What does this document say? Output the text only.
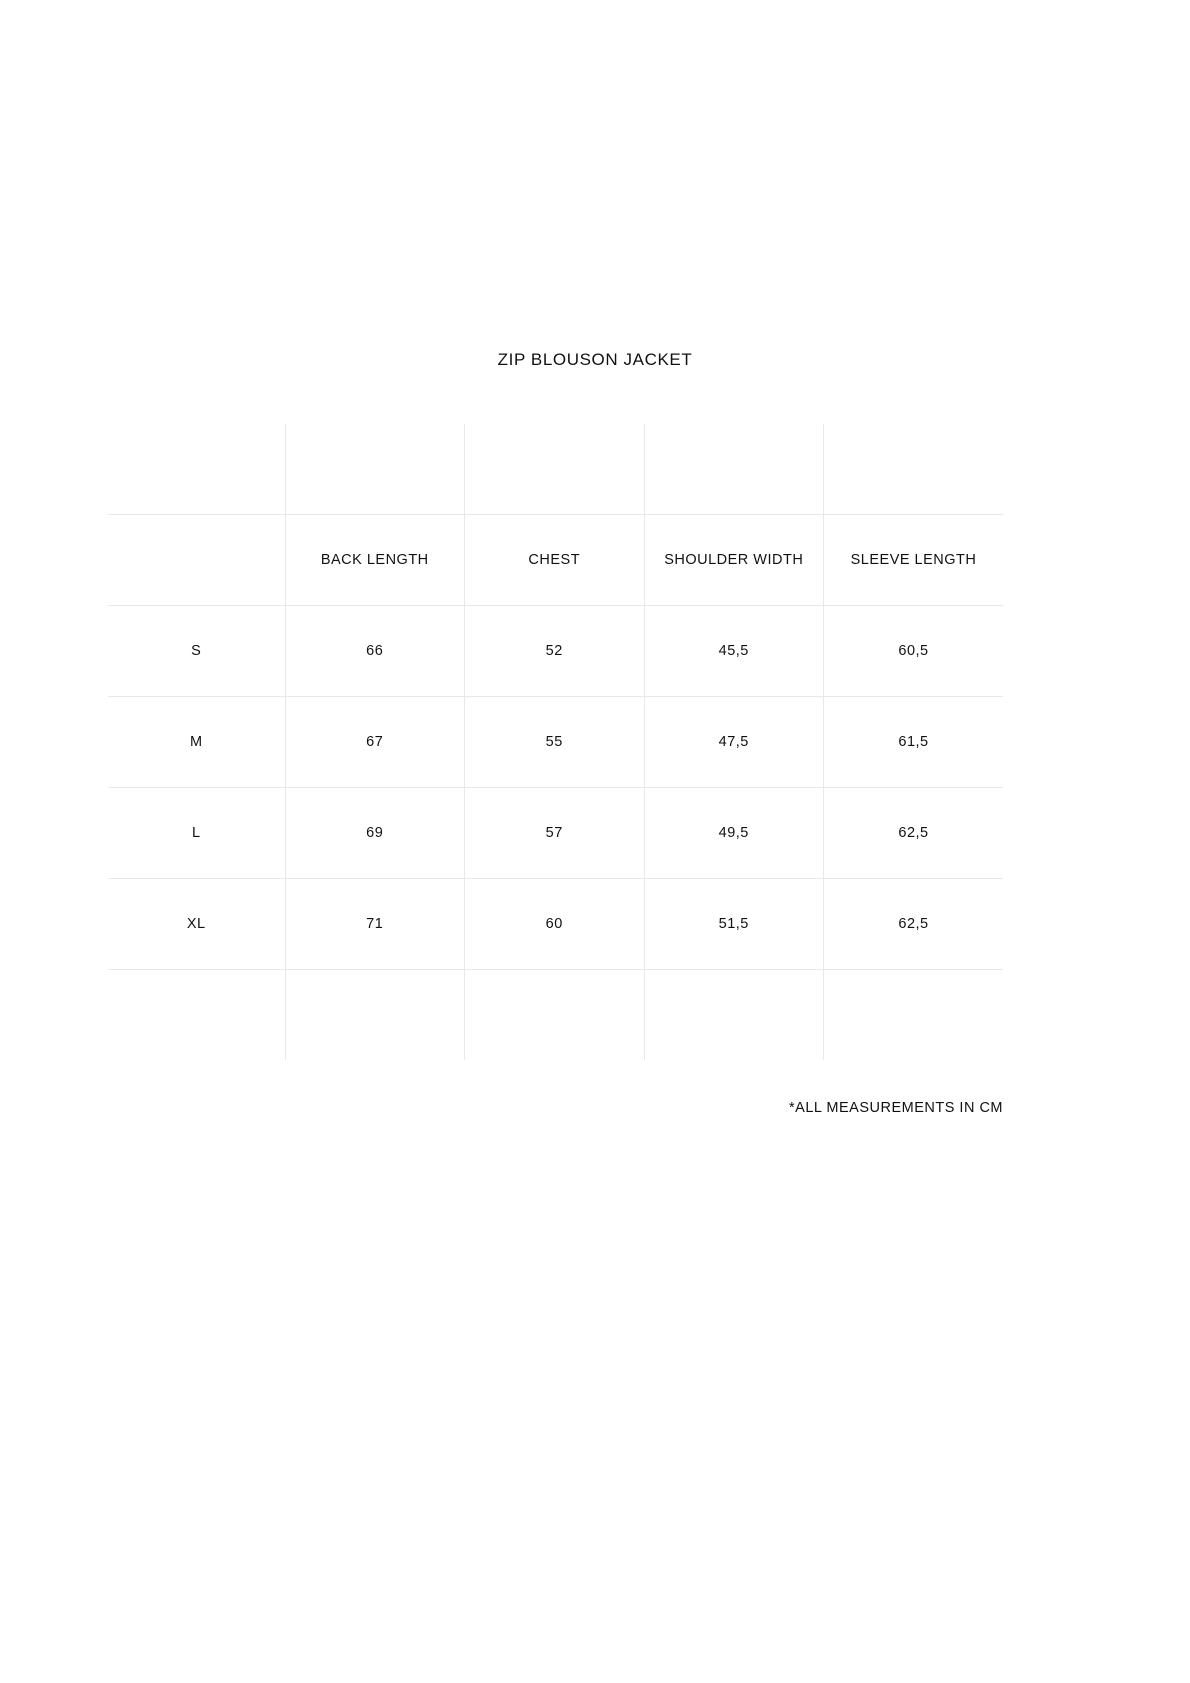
ZIP BLOUSON JACKET

	BACK LENGTH	CHEST	SHOULDER WIDTH	SLEEVE LENGTH
S	66	52	45,5	60,5
M	67	55	47,5	61,5
L	69	57	49,5	62,5
XL	71	60	51,5	62,5

*ALL MEASUREMENTS IN CM
